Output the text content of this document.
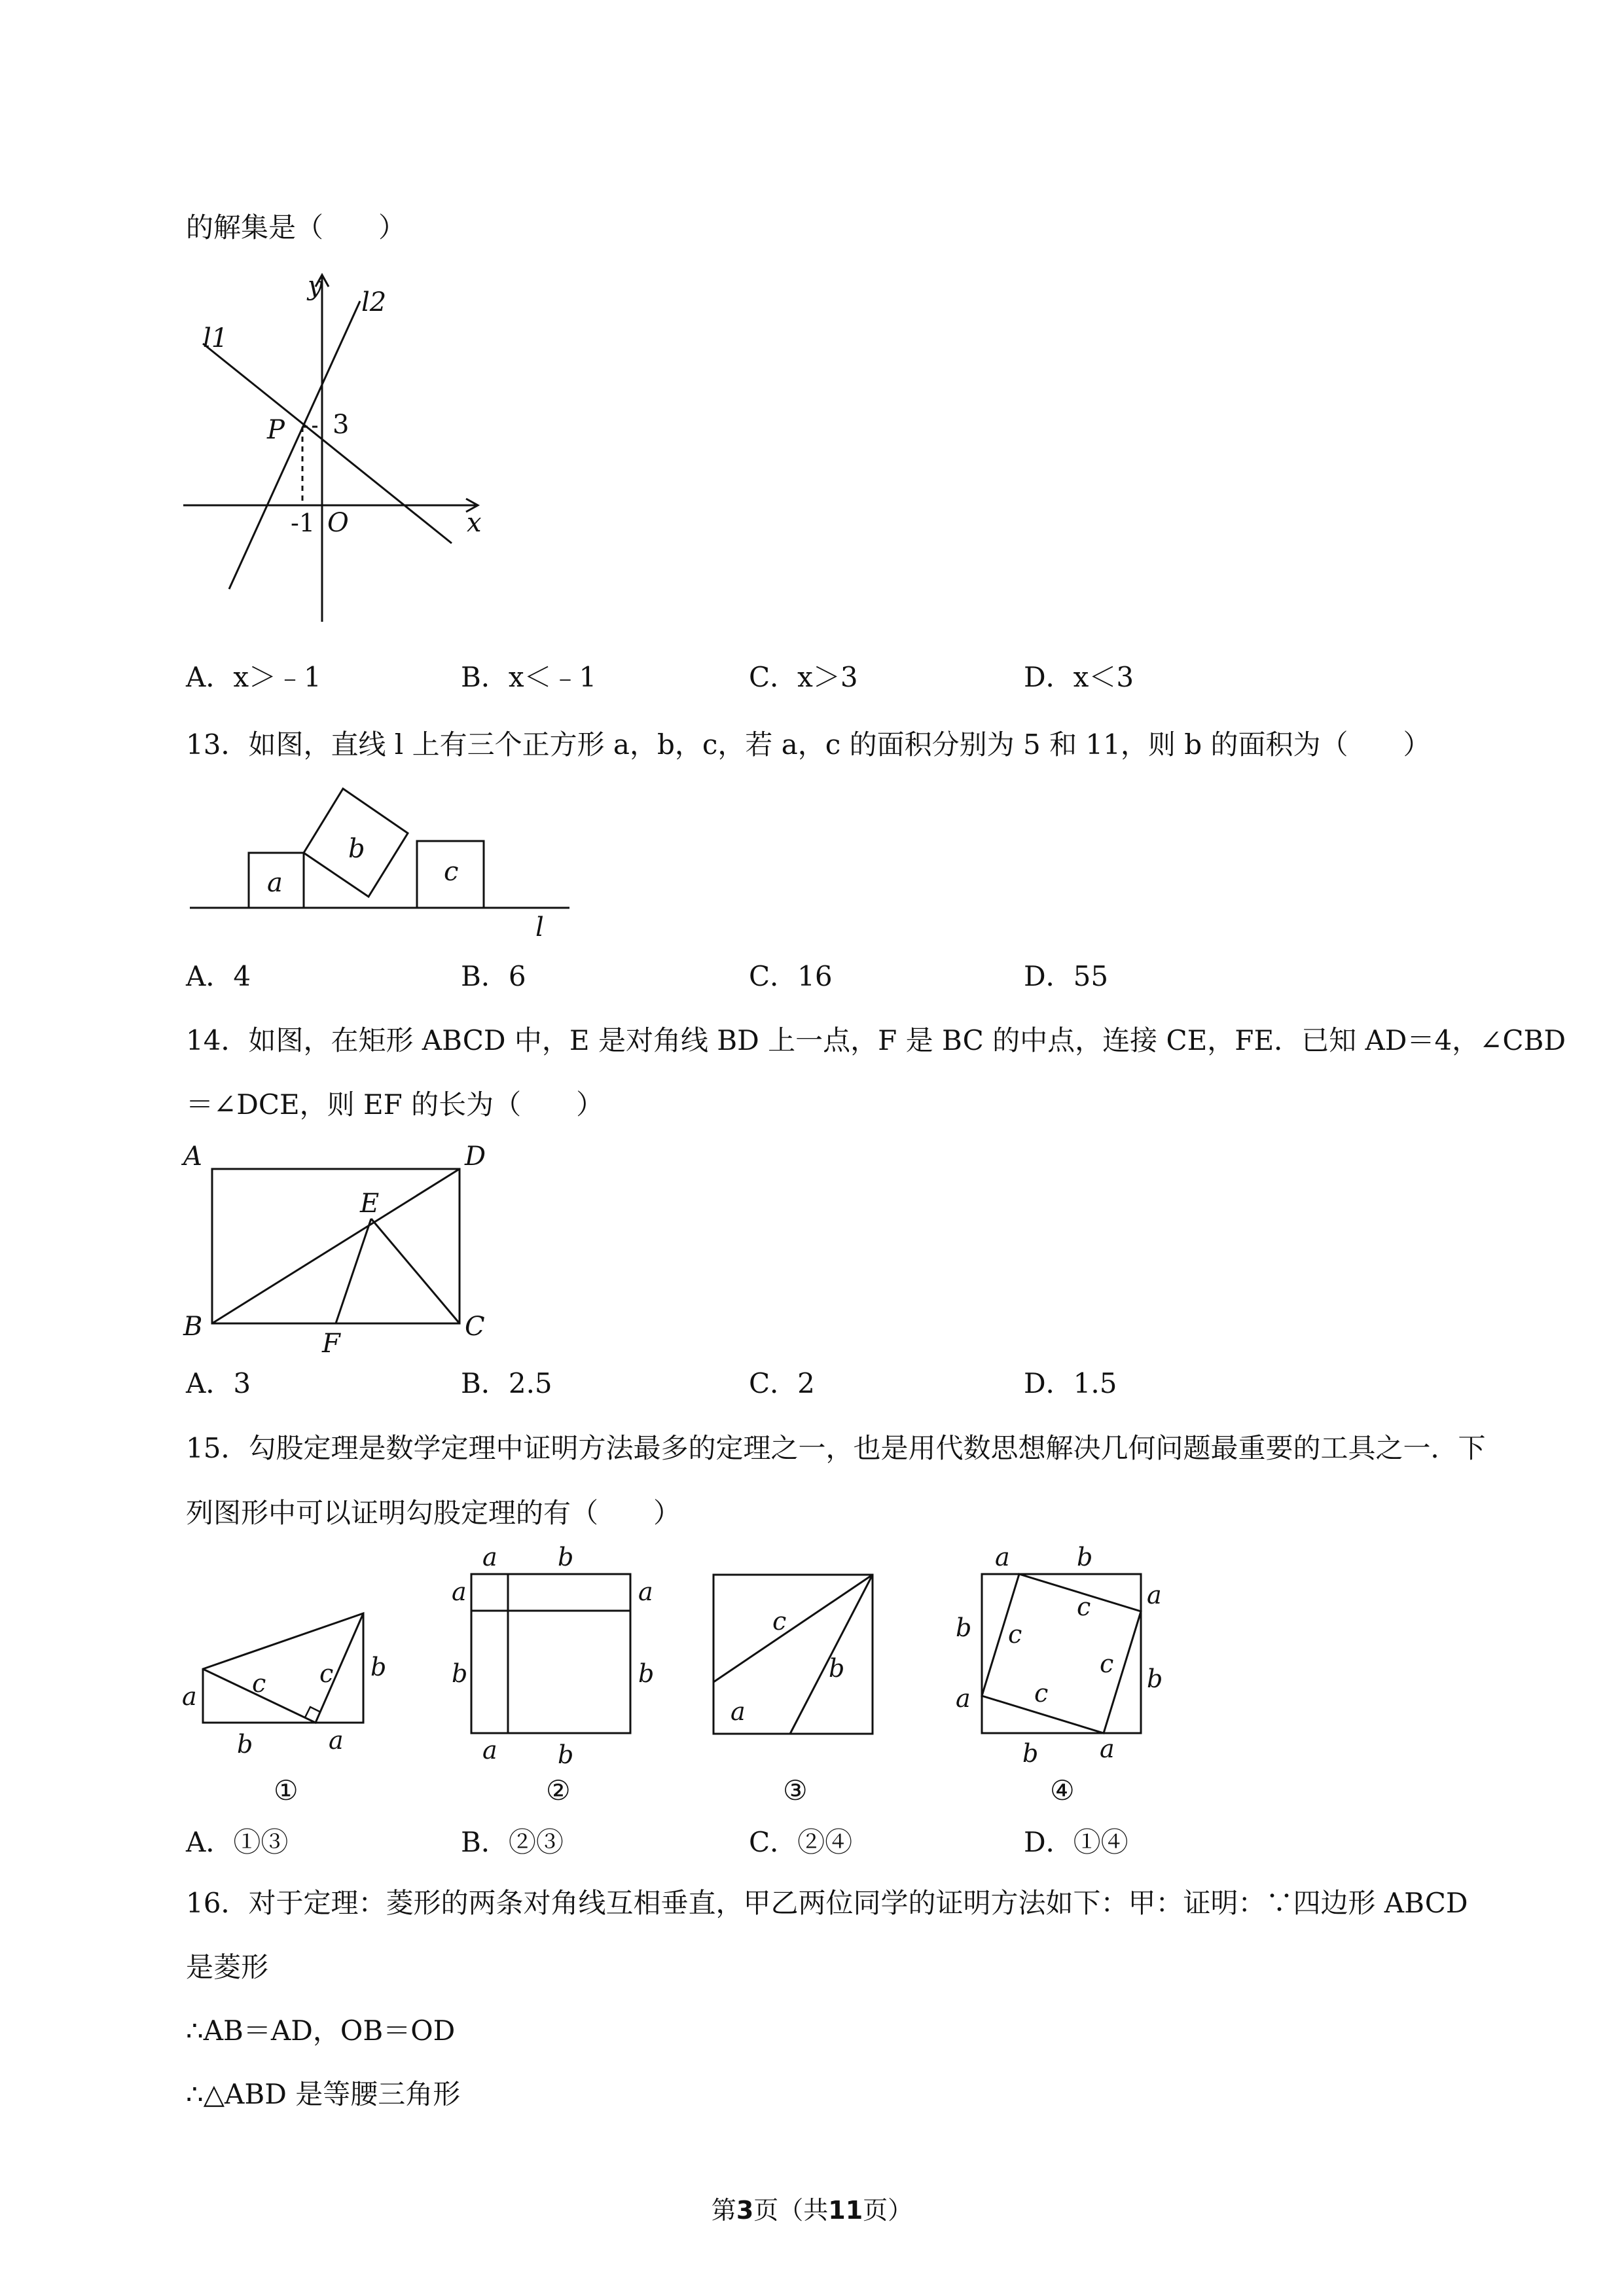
的解集是（　　）
y
x
l1
l2
P 3
-1 O
A．x＞﹣1	B．x＜﹣1	C．x＞3	D．x＜3
13．如图，直线 l 上有三个正方形 a，b，c，若 a，c 的面积分别为 5 和 11，则 b 的面积为（　　）
a
b
c
l
A．4	B．6	C．16	D．55
14．如图，在矩形 ABCD 中，E 是对角线 BD 上一点，F 是 BC 的中点，连接 CE，FE．已知 AD＝4，∠CBD
＝∠DCE，则 EF 的长为（　　）
A	D
E
B	C
F
A．3	B．2.5	C．2	D．1.5
15．勾股定理是数学定理中证明方法最多的定理之一，也是用代数思想解决几何问题最重要的工具之一．下
列图形中可以证明勾股定理的有（　　）
a c c b
b	a
a b
a	a
b	b
a b
c
b
a
a	b
b
a
a
b
b a
c
c
c
c
①	②	③	④
A．①③	B．②③	C．②④	D．①④
16．对于定理：菱形的两条对角线互相垂直，甲乙两位同学的证明方法如下：甲：证明：∵四边形 ABCD
是菱形
∴AB＝AD，OB＝OD
∴△ABD 是等腰三角形
第3页（共11页）
